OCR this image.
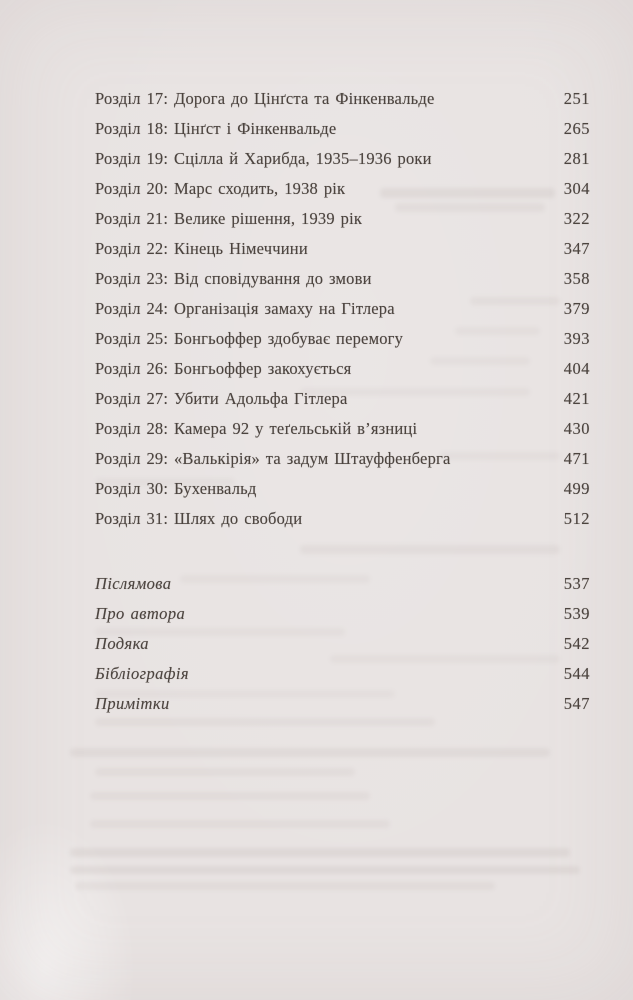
Розділ 17: Дорога до Цінґста та Фінкенвальде	251
Розділ 18: Цінґст і Фінкенвальде	265
Розділ 19: Сцілла й Харибда, 1935–1936 роки	281
Розділ 20: Марс сходить, 1938 рік	304
Розділ 21: Велике рішення, 1939 рік	322
Розділ 22: Кінець Німеччини	347
Розділ 23: Від сповідування до змови	358
Розділ 24: Організація замаху на Гітлера	379
Розділ 25: Бонгьоффер здобуває перемогу	393
Розділ 26: Бонгьоффер закохується	404
Розділ 27: Убити Адольфа Гітлера	421
Розділ 28: Камера 92 у теґельській в’язниці	430
Розділ 29: «Валькірія» та задум Штауффенберга	471
Розділ 30: Бухенвальд	499
Розділ 31: Шлях до свободи	512
Післямова	537
Про автора	539
Подяка	542
Бібліографія	544
Примітки	547
